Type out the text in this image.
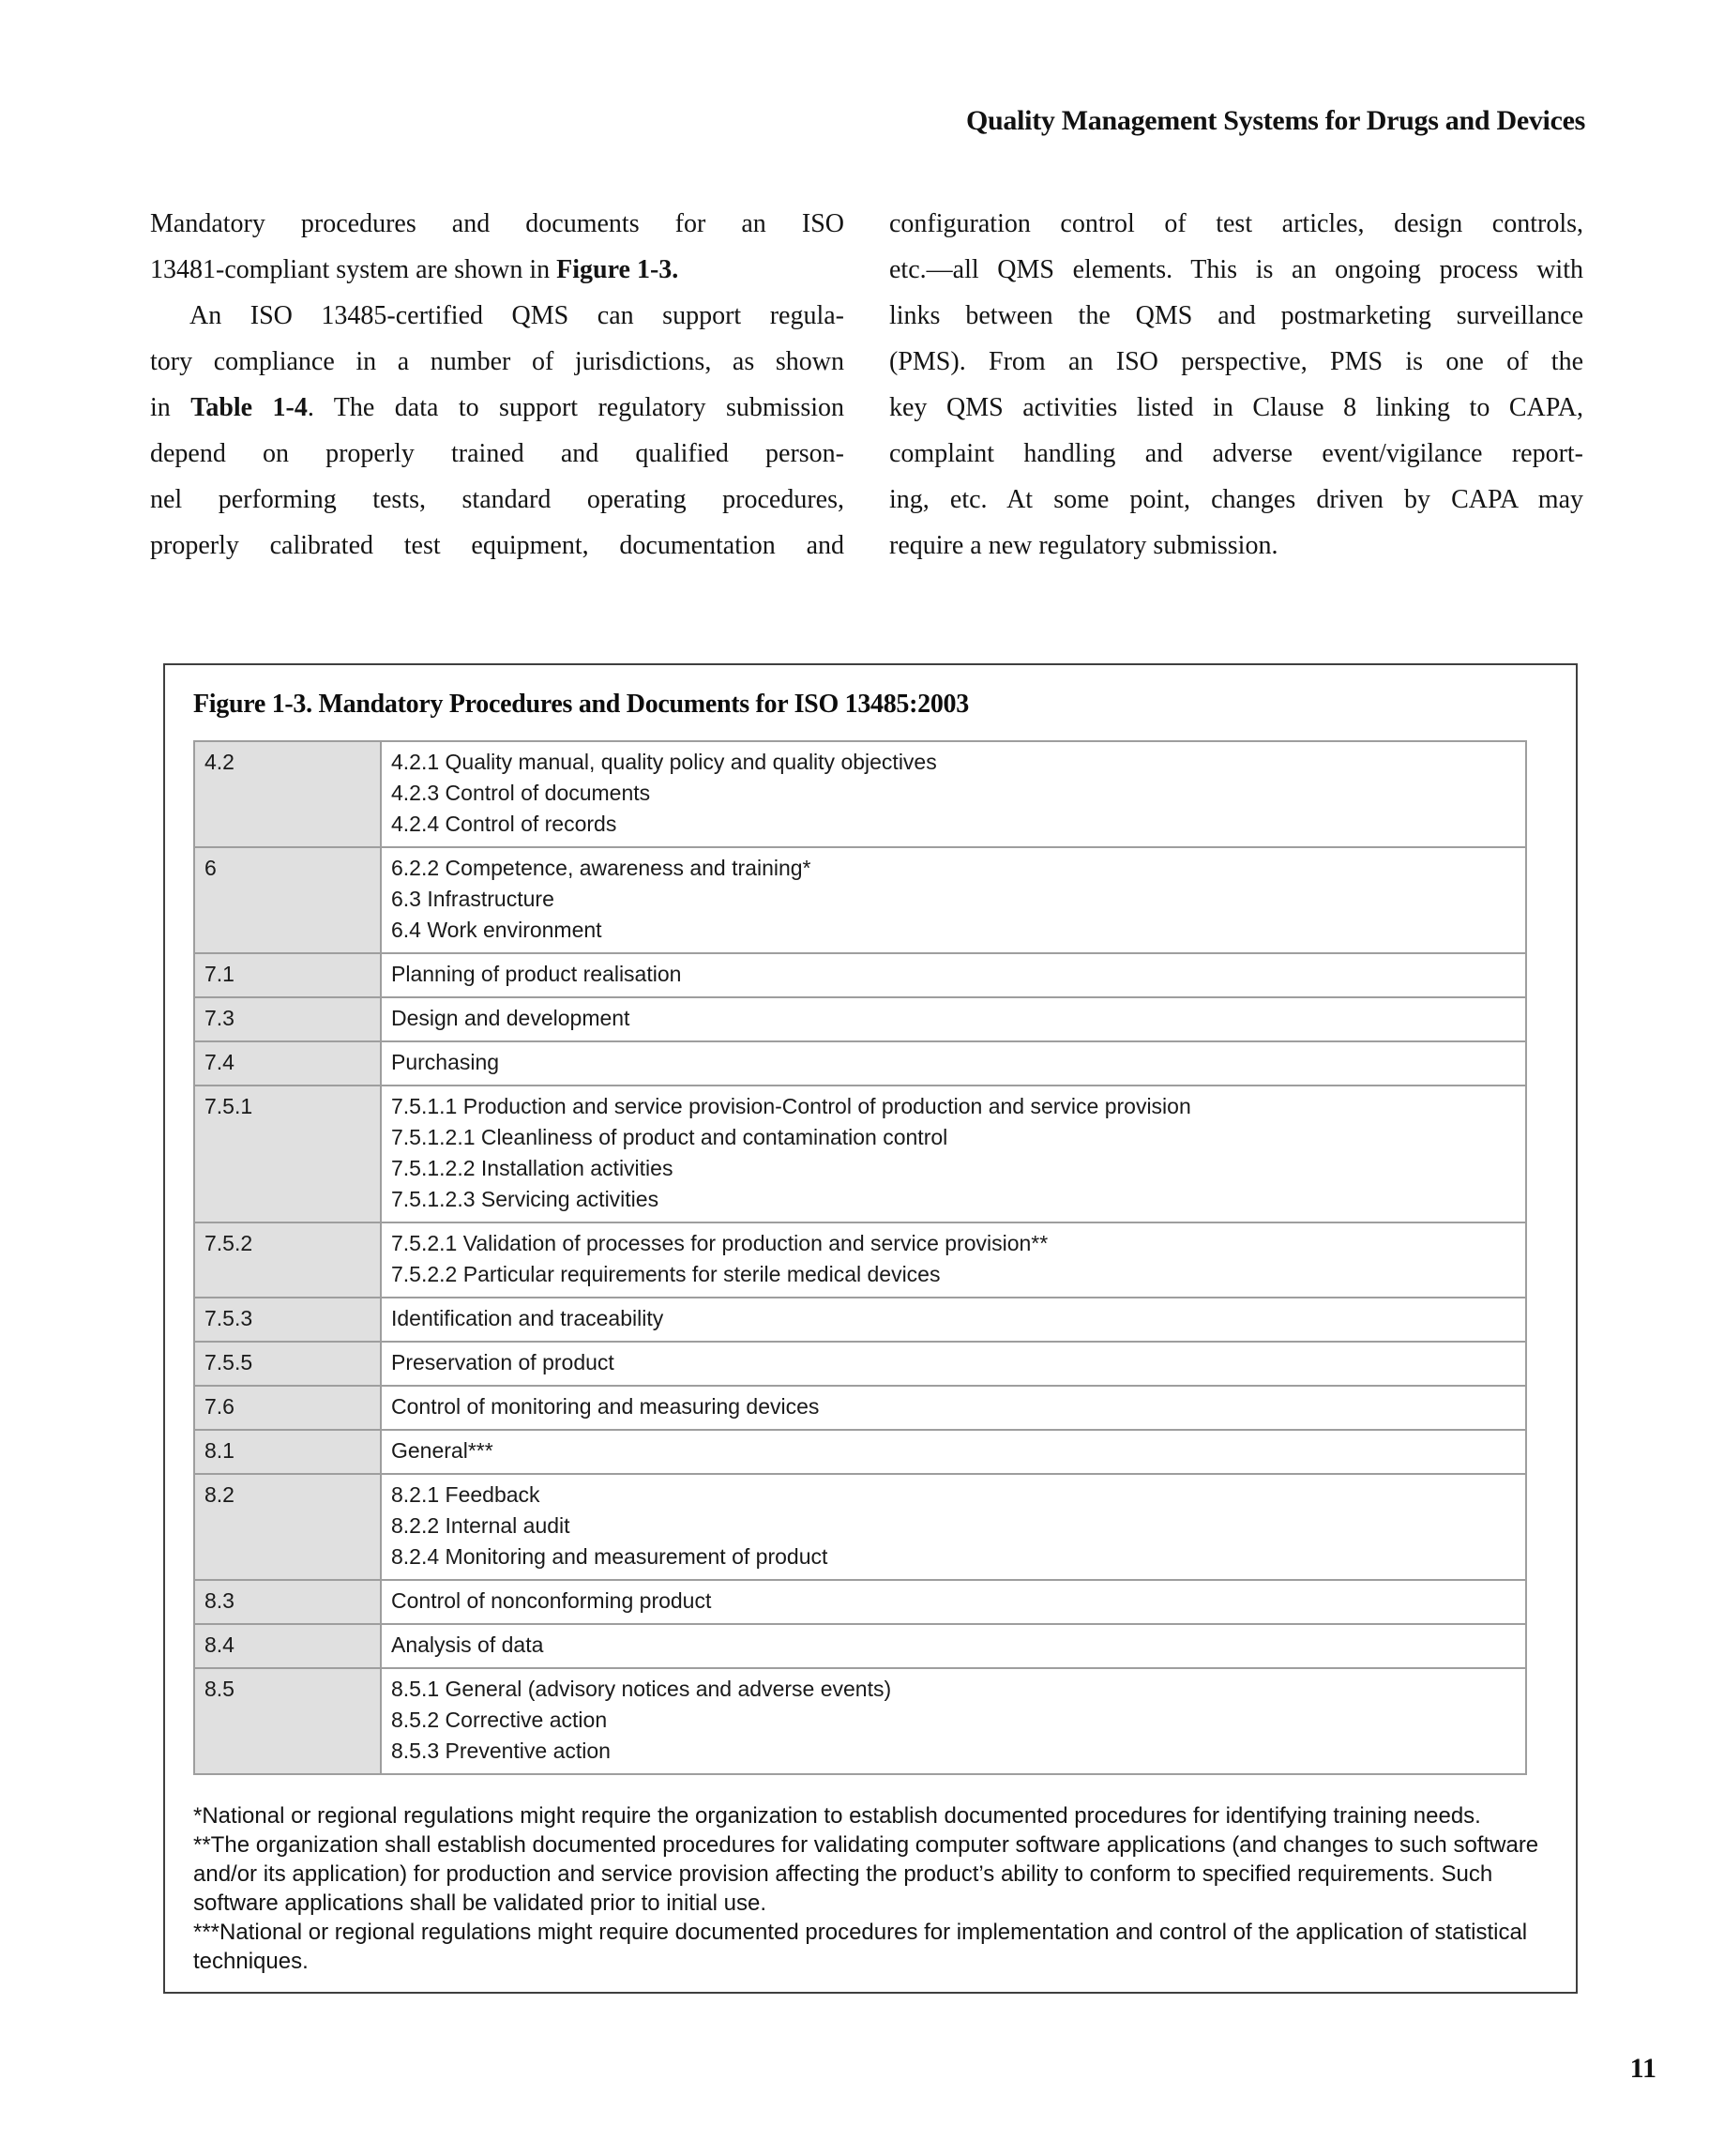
Quality Management Systems for Drugs and Devices
Mandatory procedures and documents for an ISO
13481-compliant system are shown in Figure 1-3.
An ISO 13485-certified QMS can support regula-
tory compliance in a number of jurisdictions, as shown
in Table 1-4. The data to support regulatory submission
depend on properly trained and qualified person-
nel performing tests, standard operating procedures,
properly calibrated test equipment, documentation and
configuration control of test articles, design controls,
etc.—all QMS elements. This is an ongoing process with
links between the QMS and postmarketing surveillance
(PMS). From an ISO perspective, PMS is one of the
key QMS activities listed in Clause 8 linking to CAPA,
complaint handling and adverse event/vigilance report-
ing, etc. At some point, changes driven by CAPA may
require a new regulatory submission.
Figure 1-3. Mandatory Procedures and Documents for ISO 13485:2003
4.2	4.2.1 Quality manual, quality policy and quality objectives
4.2.3 Control of documents
4.2.4 Control of records

6	6.2.2 Competence, awareness and training*
6.3 Infrastructure
6.4 Work environment

7.1	Planning of product realisation

7.3	Design and development

7.4	Purchasing

7.5.1	7.5.1.1 Production and service provision-Control of production and service provision
7.5.1.2.1 Cleanliness of product and contamination control
7.5.1.2.2 Installation activities
7.5.1.2.3 Servicing activities

7.5.2	7.5.2.1 Validation of processes for production and service provision**
7.5.2.2 Particular requirements for sterile medical devices

7.5.3	Identification and traceability

7.5.5	Preservation of product

7.6	Control of monitoring and measuring devices

8.1	General***

8.2	8.2.1 Feedback
8.2.2 Internal audit
8.2.4 Monitoring and measurement of product

8.3	Control of nonconforming product

8.4	Analysis of data

8.5	8.5.1 General (advisory notices and adverse events)
8.5.2 Corrective action
8.5.3 Preventive action

*National or regional regulations might require the organization to establish documented procedures for identifying training needs.

**The organization shall establish documented procedures for validating computer software applications (and changes to such software and/or its application) for production and service provision affecting the product’s ability to conform to specified requirements. Such software applications shall be validated prior to initial use.

***National or regional regulations might require documented procedures for implementation and control of the application of statistical techniques.

11
